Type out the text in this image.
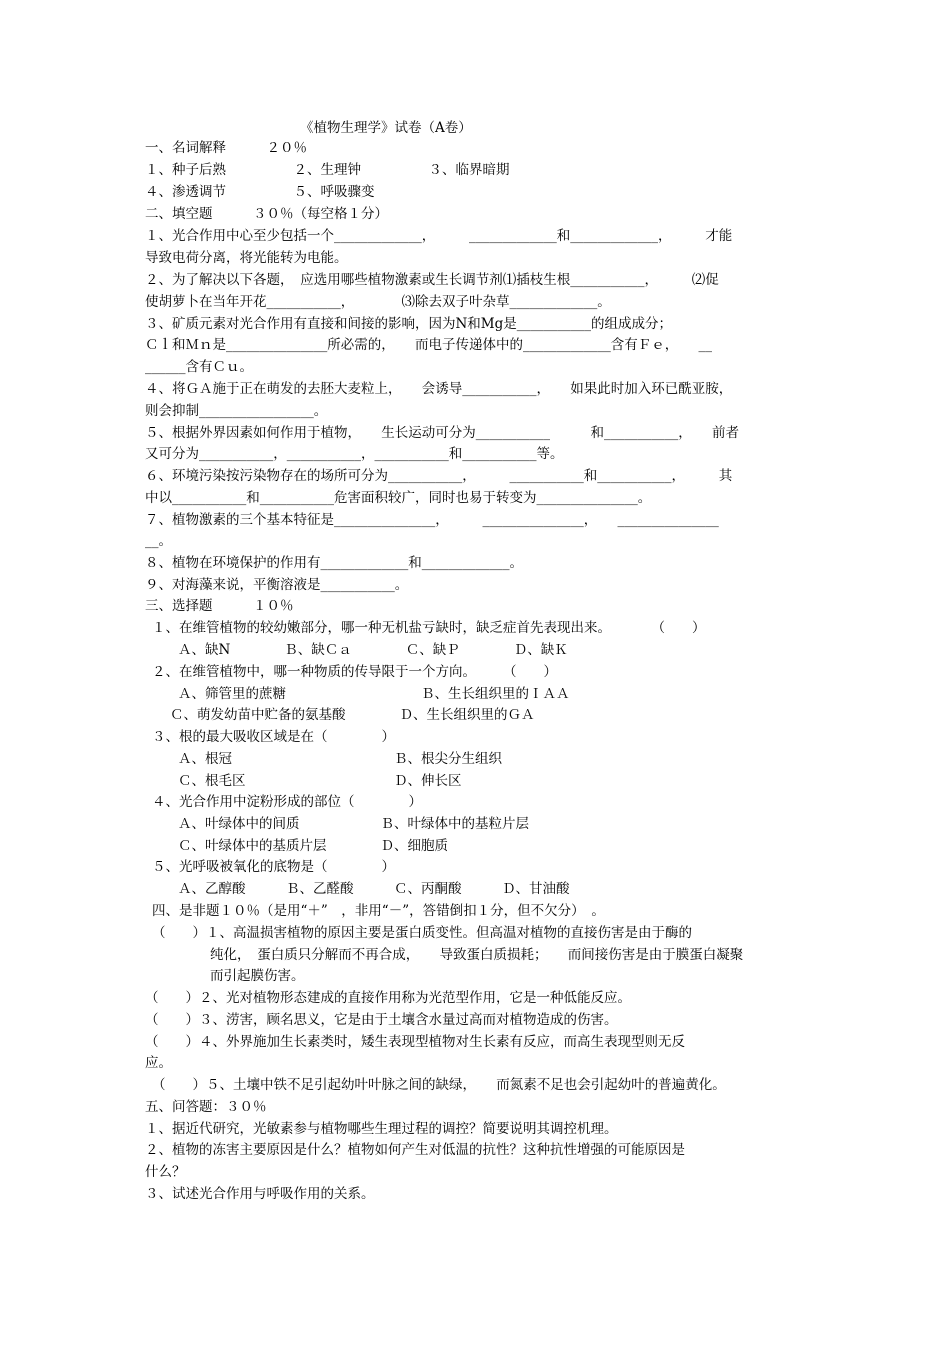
《植物生理学》试卷（A卷）
一、名词解释　　　２０％
１、种子后熟　　　　　２、生理钟　　　　　３、临界暗期
４、渗透调节　　　　　５、呼吸骤变
二、填空题　　　３０％（每空格１分）
１、光合作用中心至少包括一个_____________，　　　_____________和_____________，　　　才能
导致电荷分离，将光能转为电能。
２、为了解决以下各题，　应选用哪些植物激素或生长调节剂⑴插枝生根___________，　　　⑵促
使胡萝卜在当年开花___________，　　　　⑶除去双子叶杂草_____________。
３、矿质元素对光合作用有直接和间接的影响，因为N和Mg是___________的组成成分；
Ｃｌ和Ｍｎ是_______________所必需的，　　而电子传递体中的_____________含有Ｆｅ，　　__
______含有Ｃｕ。
４、将ＧＡ施于正在萌发的去胚大麦粒上，　　会诱导___________，　　如果此时加入环已酰亚胺，
则会抑制_________________。
５、根据外界因素如何作用于植物，　　生长运动可分为___________　　　和___________，　　前者
又可分为___________，___________，___________和___________等。
６、环境污染按污染物存在的场所可分为___________，　　　___________和___________，　　　其
中以___________和___________危害面积较广，同时也易于转变为_______________。
７、植物激素的三个基本特征是_______________，　　　_______________，　　_______________
__。
８、植物在环境保护的作用有_____________和_____________。
９、对海藻来说，平衡溶液是___________。
三、选择题　　　１０％
１、在维管植物的较幼嫩部分，哪一种无机盐亏缺时，缺乏症首先表现出来。　　　　（　　）
Ａ、缺N　　　　Ｂ、缺Ｃａ　　　　Ｃ、缺Ｐ　　　　Ｄ、缺Ｋ
２、在维管植物中，哪一种物质的传导限于一个方向。　　　（　　）
Ａ、筛管里的蔗糖　　　　　　　　　　Ｂ、生长组织里的ＩＡＡ
Ｃ、萌发幼苗中贮备的氨基酸　　　　Ｄ、生长组织里的ＧＡ
３、根的最大吸收区域是在（　　　　）
Ａ、根冠　　　　　　　　　　　　Ｂ、根尖分生组织
Ｃ、根毛区　　　　　　　　　　　Ｄ、伸长区
４、光合作用中淀粉形成的部位（　　　　）
Ａ、叶绿体中的间质　　　　　　Ｂ、叶绿体中的基粒片层
Ｃ、叶绿体中的基质片层　　　　Ｄ、细胞质
５、光呼吸被氧化的底物是（　　　　）
Ａ、乙醇酸　　　Ｂ、乙醛酸　　　Ｃ、丙酮酸　　　Ｄ、甘油酸
四、是非题１０％（是用“＋”　，非用“－”，答错倒扣１分，但不欠分）　。
（　　）１、高温损害植物的原因主要是蛋白质变性。但高温对植物的直接伤害是由于酶的
纯化，　蛋白质只分解而不再合成，　　导致蛋白质损耗；　　而间接伤害是由于膜蛋白凝聚
而引起膜伤害。
（　　）２、光对植物形态建成的直接作用称为光范型作用，它是一种低能反应。
（　　）３、涝害，顾名思义，它是由于土壤含水量过高而对植物造成的伤害。
（　　）４、外界施加生长素类时，矮生表现型植物对生长素有反应，而高生表现型则无反
应。
（　　）５、土壤中铁不足引起幼叶叶脉之间的缺绿，　　而氮素不足也会引起幼叶的普遍黄化。
五、问答题：３０％
１、据近代研究，光敏素参与植物哪些生理过程的调控？简要说明其调控机理。
２、植物的冻害主要原因是什么？植物如何产生对低温的抗性？这种抗性增强的可能原因是
什么？
３、试述光合作用与呼吸作用的关系。
